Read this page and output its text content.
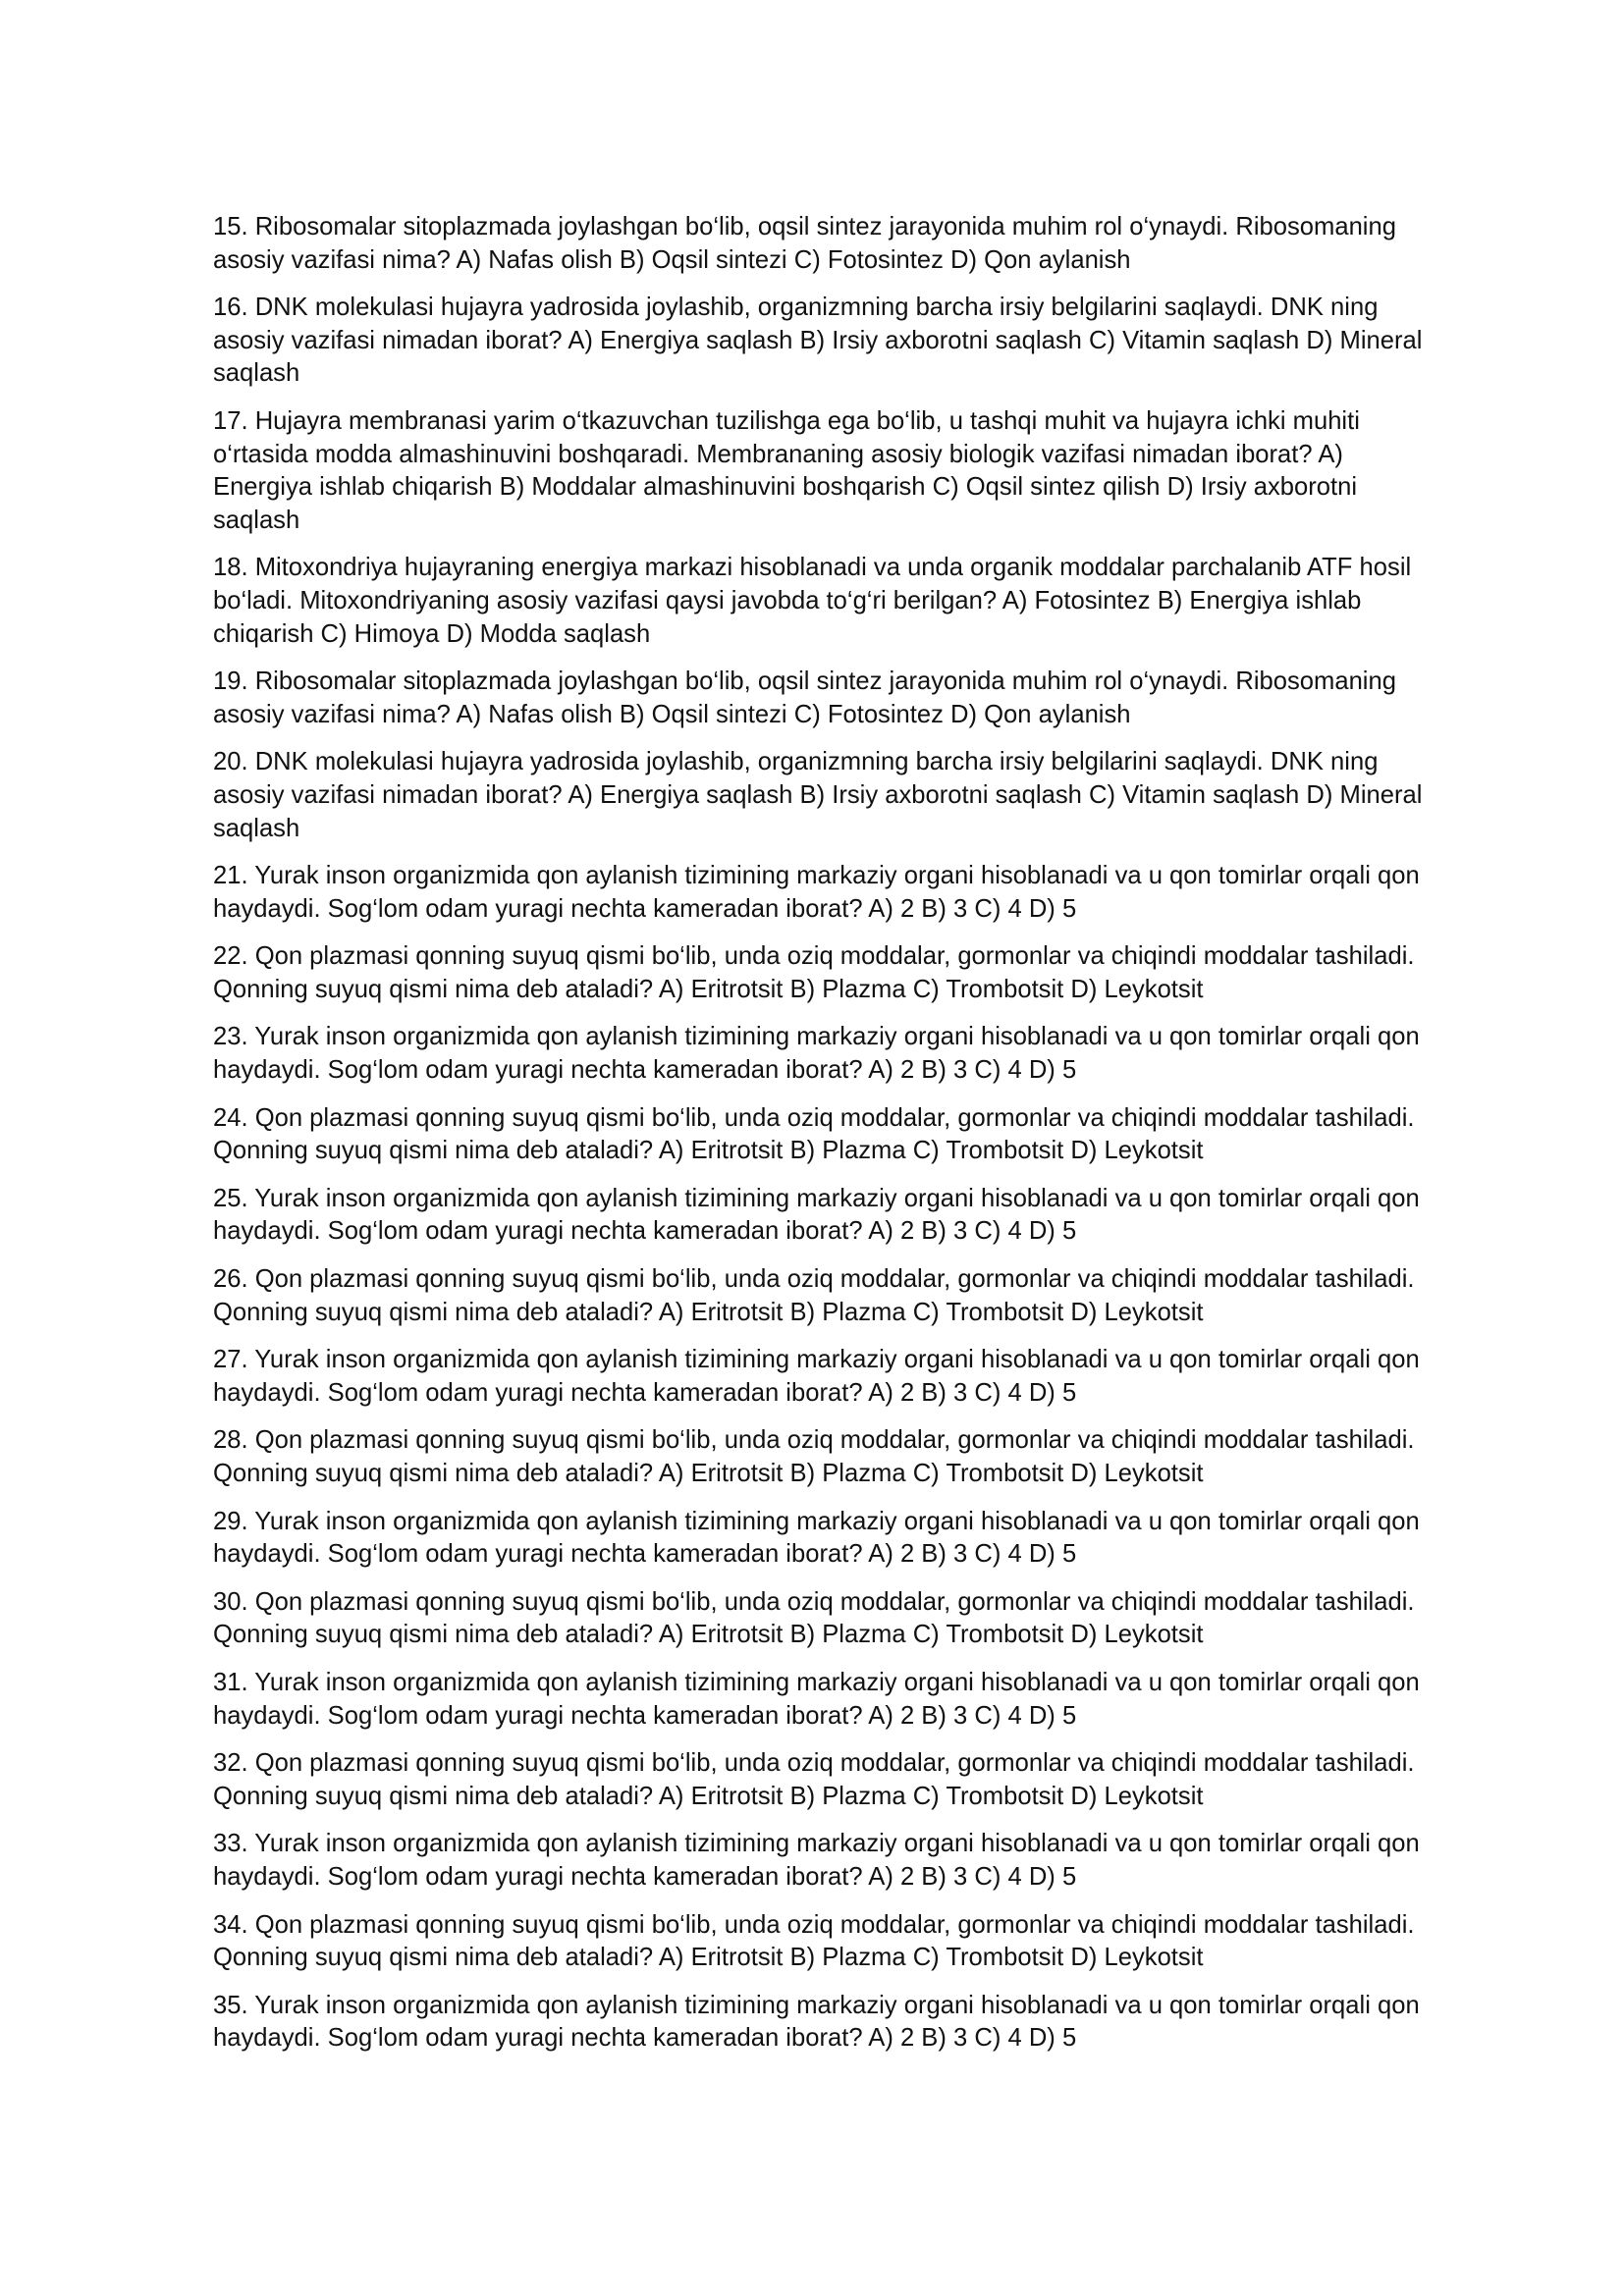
15. Ribosomalar sitoplazmada joylashgan bo‘lib, oqsil sintez jarayonida muhim rol o‘ynaydi. Ribosomaning asosiy vazifasi nima? A) Nafas olish B) Oqsil sintezi C) Fotosintez D) Qon aylanish

16. DNK molekulasi hujayra yadrosida joylashib, organizmning barcha irsiy belgilarini saqlaydi. DNK ning asosiy vazifasi nimadan iborat? A) Energiya saqlash B) Irsiy axborotni saqlash C) Vitamin saqlash D) Mineral saqlash

17. Hujayra membranasi yarim o‘tkazuvchan tuzilishga ega bo‘lib, u tashqi muhit va hujayra ichki muhiti o‘rtasida modda almashinuvini boshqaradi. Membrananing asosiy biologik vazifasi nimadan iborat? A) Energiya ishlab chiqarish B) Moddalar almashinuvini boshqarish C) Oqsil sintez qilish D) Irsiy axborotni saqlash

18. Mitoxondriya hujayraning energiya markazi hisoblanadi va unda organik moddalar parchalanib ATF hosil bo‘ladi. Mitoxondriyaning asosiy vazifasi qaysi javobda to‘g‘ri berilgan? A) Fotosintez B) Energiya ishlab chiqarish C) Himoya D) Modda saqlash

19. Ribosomalar sitoplazmada joylashgan bo‘lib, oqsil sintez jarayonida muhim rol o‘ynaydi. Ribosomaning asosiy vazifasi nima? A) Nafas olish B) Oqsil sintezi C) Fotosintez D) Qon aylanish

20. DNK molekulasi hujayra yadrosida joylashib, organizmning barcha irsiy belgilarini saqlaydi. DNK ning asosiy vazifasi nimadan iborat? A) Energiya saqlash B) Irsiy axborotni saqlash C) Vitamin saqlash D) Mineral saqlash

21. Yurak inson organizmida qon aylanish tizimining markaziy organi hisoblanadi va u qon tomirlar orqali qon haydaydi. Sog‘lom odam yuragi nechta kameradan iborat? A) 2 B) 3 C) 4 D) 5

22. Qon plazmasi qonning suyuq qismi bo‘lib, unda oziq moddalar, gormonlar va chiqindi moddalar tashiladi. Qonning suyuq qismi nima deb ataladi? A) Eritrotsit B) Plazma C) Trombotsit D) Leykotsit

23. Yurak inson organizmida qon aylanish tizimining markaziy organi hisoblanadi va u qon tomirlar orqali qon haydaydi. Sog‘lom odam yuragi nechta kameradan iborat? A) 2 B) 3 C) 4 D) 5

24. Qon plazmasi qonning suyuq qismi bo‘lib, unda oziq moddalar, gormonlar va chiqindi moddalar tashiladi. Qonning suyuq qismi nima deb ataladi? A) Eritrotsit B) Plazma C) Trombotsit D) Leykotsit

25. Yurak inson organizmida qon aylanish tizimining markaziy organi hisoblanadi va u qon tomirlar orqali qon haydaydi. Sog‘lom odam yuragi nechta kameradan iborat? A) 2 B) 3 C) 4 D) 5

26. Qon plazmasi qonning suyuq qismi bo‘lib, unda oziq moddalar, gormonlar va chiqindi moddalar tashiladi. Qonning suyuq qismi nima deb ataladi? A) Eritrotsit B) Plazma C) Trombotsit D) Leykotsit

27. Yurak inson organizmida qon aylanish tizimining markaziy organi hisoblanadi va u qon tomirlar orqali qon haydaydi. Sog‘lom odam yuragi nechta kameradan iborat? A) 2 B) 3 C) 4 D) 5

28. Qon plazmasi qonning suyuq qismi bo‘lib, unda oziq moddalar, gormonlar va chiqindi moddalar tashiladi. Qonning suyuq qismi nima deb ataladi? A) Eritrotsit B) Plazma C) Trombotsit D) Leykotsit

29. Yurak inson organizmida qon aylanish tizimining markaziy organi hisoblanadi va u qon tomirlar orqali qon haydaydi. Sog‘lom odam yuragi nechta kameradan iborat? A) 2 B) 3 C) 4 D) 5

30. Qon plazmasi qonning suyuq qismi bo‘lib, unda oziq moddalar, gormonlar va chiqindi moddalar tashiladi. Qonning suyuq qismi nima deb ataladi? A) Eritrotsit B) Plazma C) Trombotsit D) Leykotsit

31. Yurak inson organizmida qon aylanish tizimining markaziy organi hisoblanadi va u qon tomirlar orqali qon haydaydi. Sog‘lom odam yuragi nechta kameradan iborat? A) 2 B) 3 C) 4 D) 5

32. Qon plazmasi qonning suyuq qismi bo‘lib, unda oziq moddalar, gormonlar va chiqindi moddalar tashiladi. Qonning suyuq qismi nima deb ataladi? A) Eritrotsit B) Plazma C) Trombotsit D) Leykotsit

33. Yurak inson organizmida qon aylanish tizimining markaziy organi hisoblanadi va u qon tomirlar orqali qon haydaydi. Sog‘lom odam yuragi nechta kameradan iborat? A) 2 B) 3 C) 4 D) 5

34. Qon plazmasi qonning suyuq qismi bo‘lib, unda oziq moddalar, gormonlar va chiqindi moddalar tashiladi. Qonning suyuq qismi nima deb ataladi? A) Eritrotsit B) Plazma C) Trombotsit D) Leykotsit

35. Yurak inson organizmida qon aylanish tizimining markaziy organi hisoblanadi va u qon tomirlar orqali qon haydaydi. Sog‘lom odam yuragi nechta kameradan iborat? A) 2 B) 3 C) 4 D) 5
